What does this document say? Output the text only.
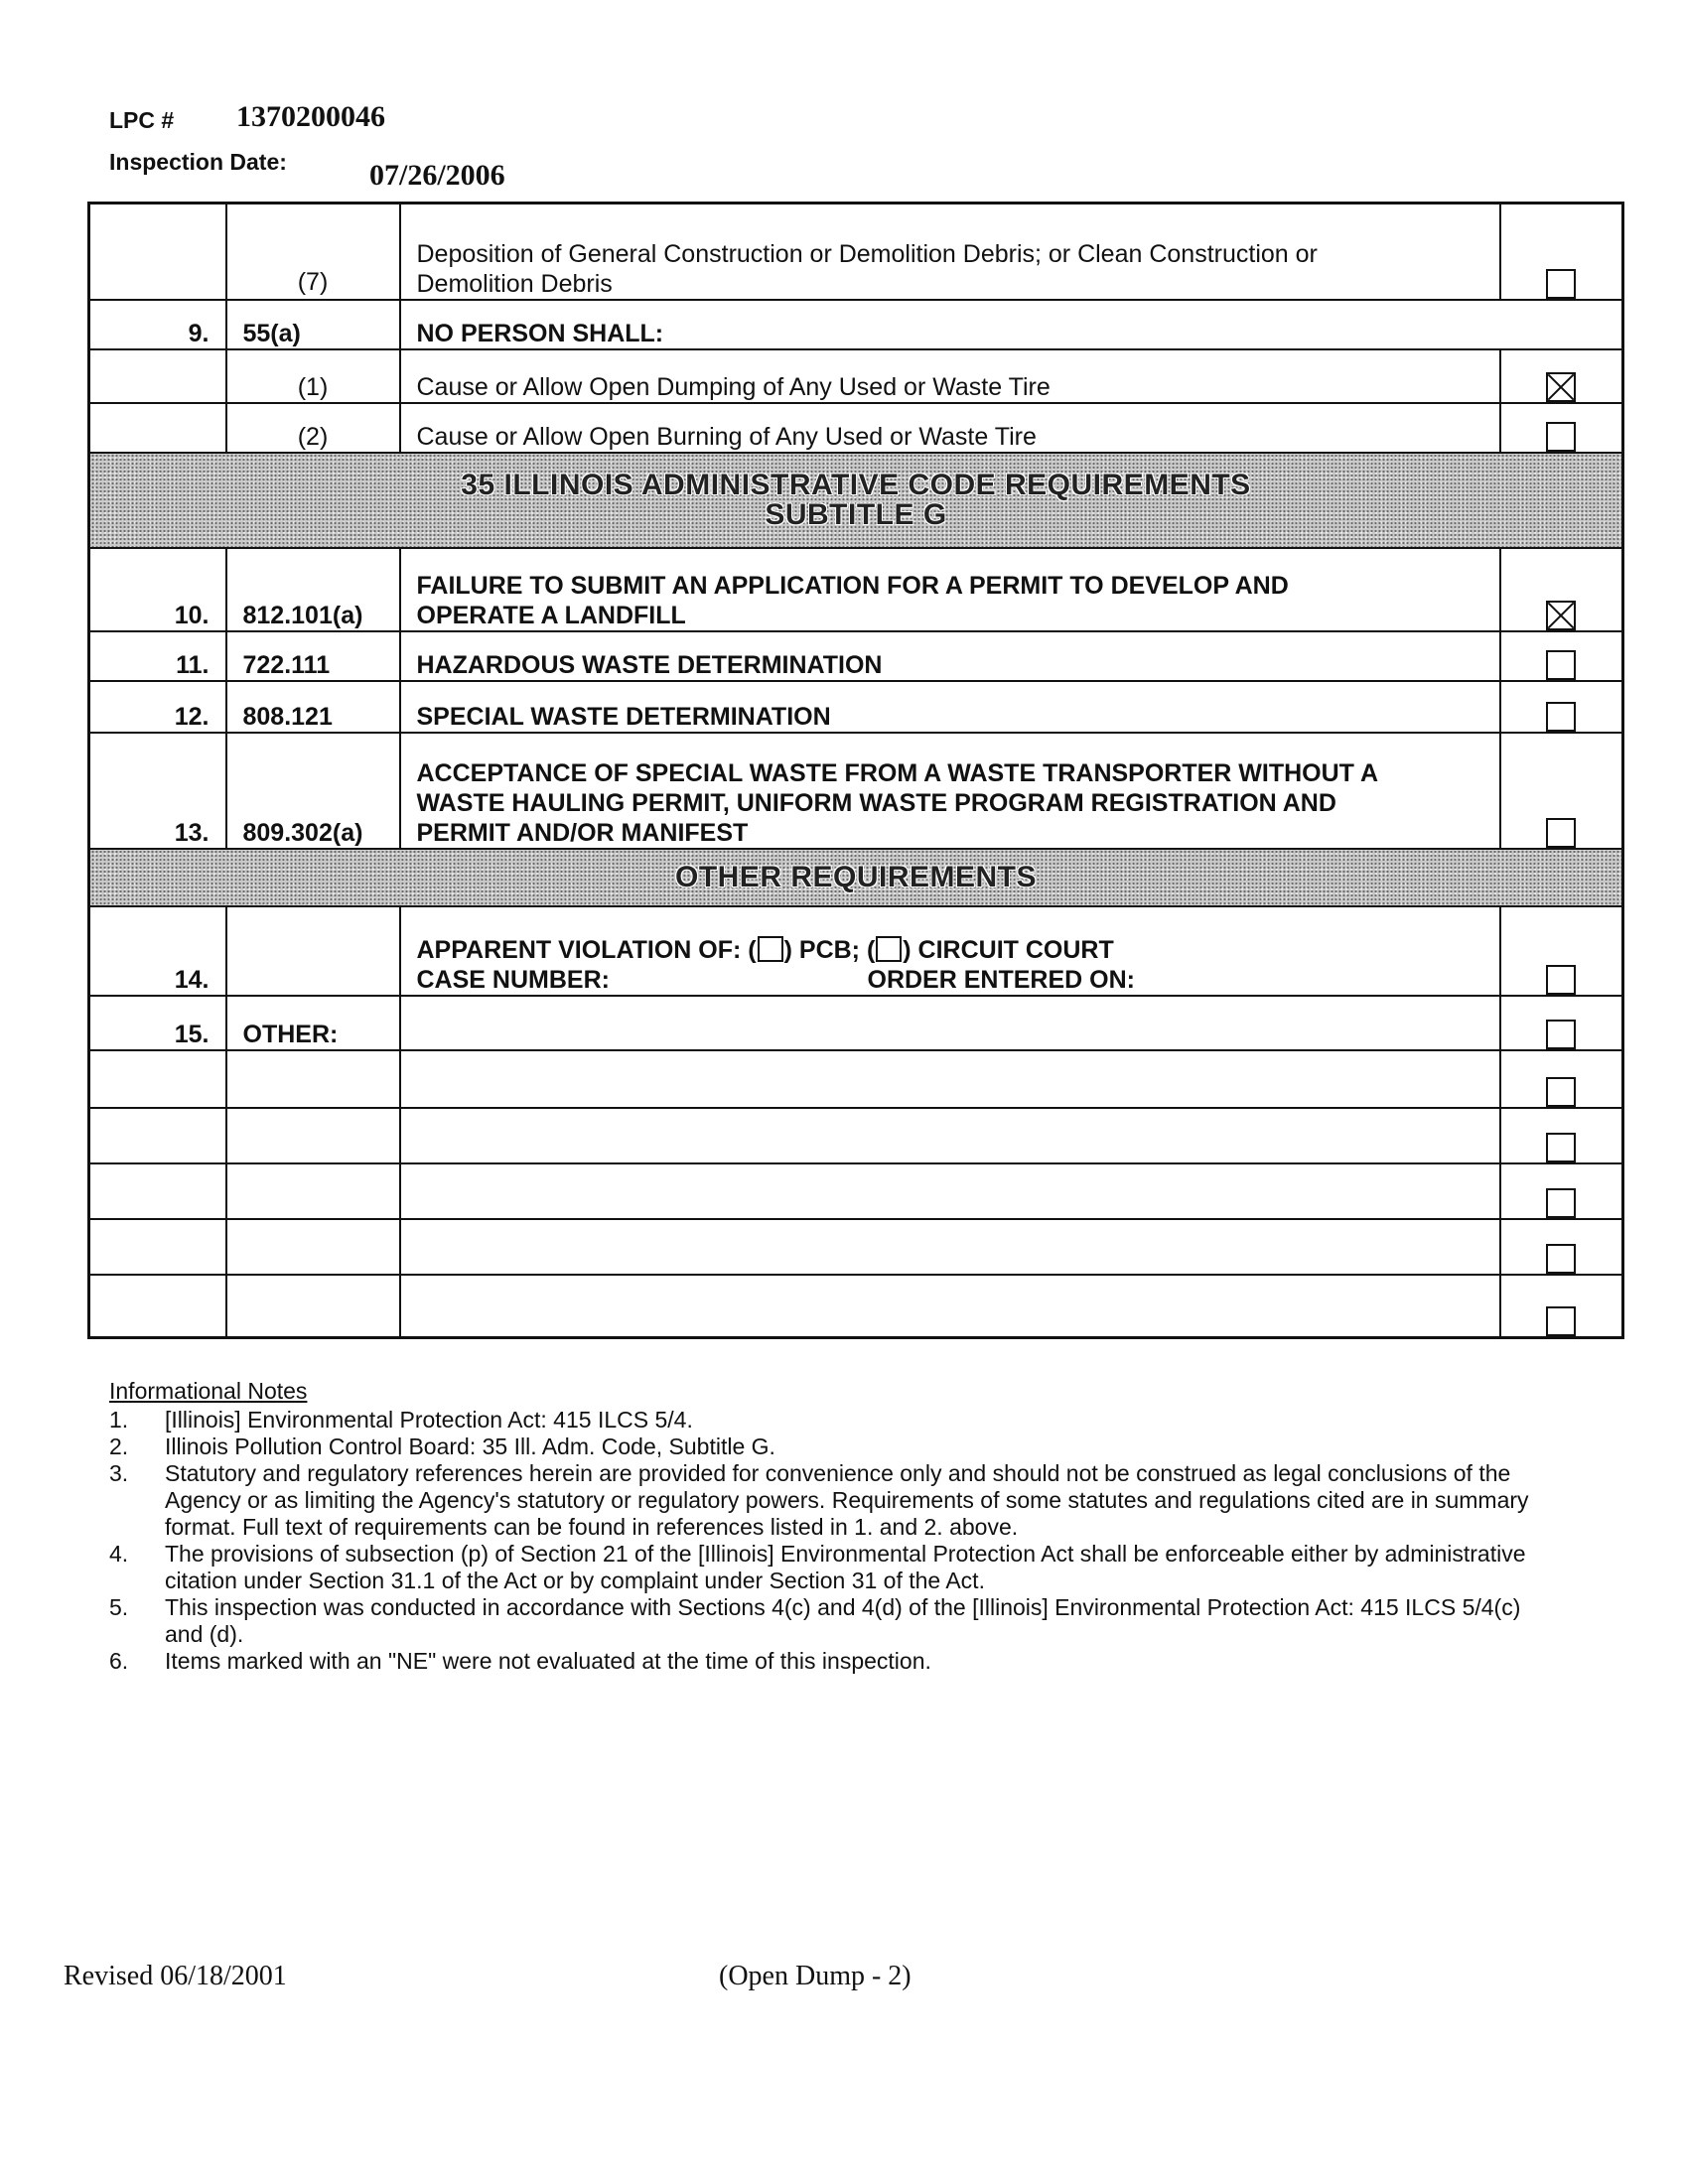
LPC # 1370200046
Inspection Date:	07/26/2006
	(7)	Deposition of General Construction or Demolition Debris; or Clean Construction or
Demolition Debris	

9.	55(a)	NO PERSON SHALL:	
	(1)	Cause or Allow Open Dumping of Any Used or Waste Tire	
	(2)	Cause or Allow Open Burning of Any Used or Waste Tire	

35 ILLINOIS ADMINISTRATIVE CODE REQUIREMENTS
SUBTITLE G			

10.	812.101(a)	FAILURE TO SUBMIT AN APPLICATION FOR A PERMIT TO DEVELOP AND
OPERATE A LANDFILL	

11.	722.111	HAZARDOUS WASTE DETERMINATION	
12.	808.121	SPECIAL WASTE DETERMINATION	
13.	809.302(a)	ACCEPTANCE OF SPECIAL WASTE FROM A WASTE TRANSPORTER WITHOUT A
WASTE HAULING PERMIT, UNIFORM WASTE PROGRAM REGISTRATION AND
PERMIT AND/OR MANIFEST	

OTHER REQUIREMENTS			

14.		APPARENT VIOLATION OF: ( ) PCB; ( ) CIRCUIT COURT
CASE NUMBER: ORDER ENTERED ON:	

15.	OTHER:		

Informational Notes
1. [Illinois] Environmental Protection Act: 415 ILCS 5/4.
2. Illinois Pollution Control Board: 35 Ill. Adm. Code, Subtitle G.
3. Statutory and regulatory references herein are provided for convenience only and should not be construed as legal conclusions of the Agency or as limiting the Agency's statutory or regulatory powers. Requirements of some statutes and regulations cited are in summary format. Full text of requirements can be found in references listed in 1. and 2. above.
4. The provisions of subsection (p) of Section 21 of the [Illinois] Environmental Protection Act shall be enforceable either by administrative citation under Section 31.1 of the Act or by complaint under Section 31 of the Act.
5. This inspection was conducted in accordance with Sections 4(c) and 4(d) of the [Illinois] Environmental Protection Act: 415 ILCS 5/4(c) and (d).
6. Items marked with an "NE" were not evaluated at the time of this inspection.
Revised 06/18/2001	(Open Dump - 2)
